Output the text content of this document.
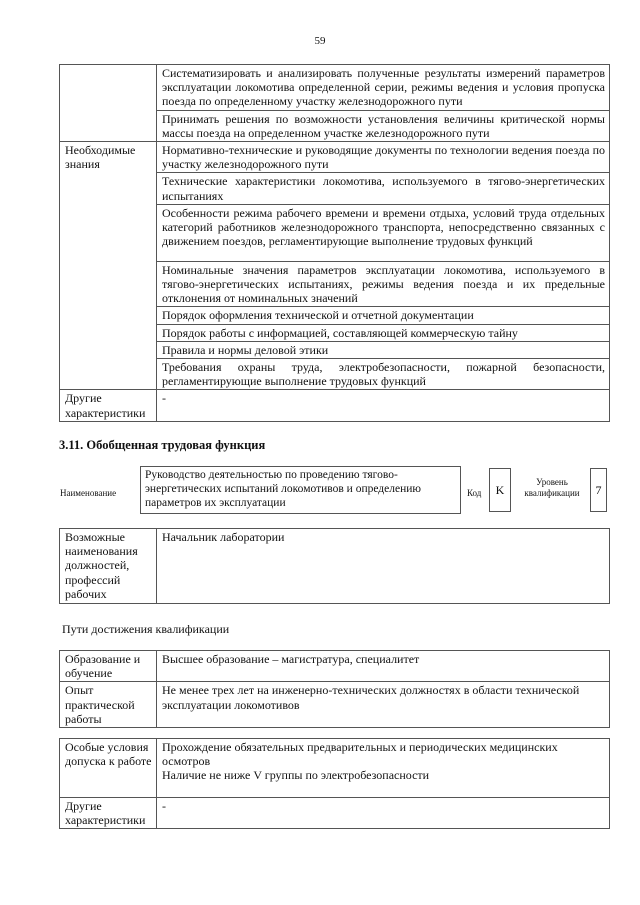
59
	Систематизировать и анализировать полученные результаты измерений параметров эксплуатации локомотива определенной серии, режимы ведения и условия пропуска поезда по определенному участку железнодорожного пути
	Принимать решения по возможности установления величины критической нормы массы поезда на определенном участке железнодорожного пути
Необходимые знания	Нормативно-технические и руководящие документы по технологии ведения поезда по участку железнодорожного пути
	Технические характеристики локомотива, используемого в тягово-энергетических испытаниях
	Особенности режима рабочего времени и времени отдыха, условий труда отдельных категорий работников железнодорожного транспорта, непосредственно связанных с движением поездов, регламентирующие выполнение трудовых функций
	Номинальные значения параметров эксплуатации локомотива, используемого в тягово-энергетических испытаниях, режимы ведения поезда и их предельные отклонения от номинальных значений
	Порядок оформления технической и отчетной документации
	Порядок работы с информацией, составляющей коммерческую тайну
	Правила и нормы деловой этики
	Требования охраны труда, электробезопасности, пожарной безопасности, регламентирующие выполнение трудовых функций
Другие характеристики	-
3.11. Обобщенная трудовая функция
Наименование
Руководство деятельностью по проведению тягово-энергетических испытаний локомотивов и определению параметров их эксплуатации
Код	K
Уровень квалификации	7
Возможные наименования должностей, профессий рабочих	Начальник лаборатории
Пути достижения квалификации
Образование и обучение	Высшее образование – магистратура, специалитет
Опыт практической работы	Не менее трех лет на инженерно-технических должностях в области технической эксплуатации локомотивов
Особые условия допуска к работе	Прохождение обязательных предварительных и периодических медицинских осмотров
Наличие не ниже V группы по электробезопасности

Другие характеристики	-
